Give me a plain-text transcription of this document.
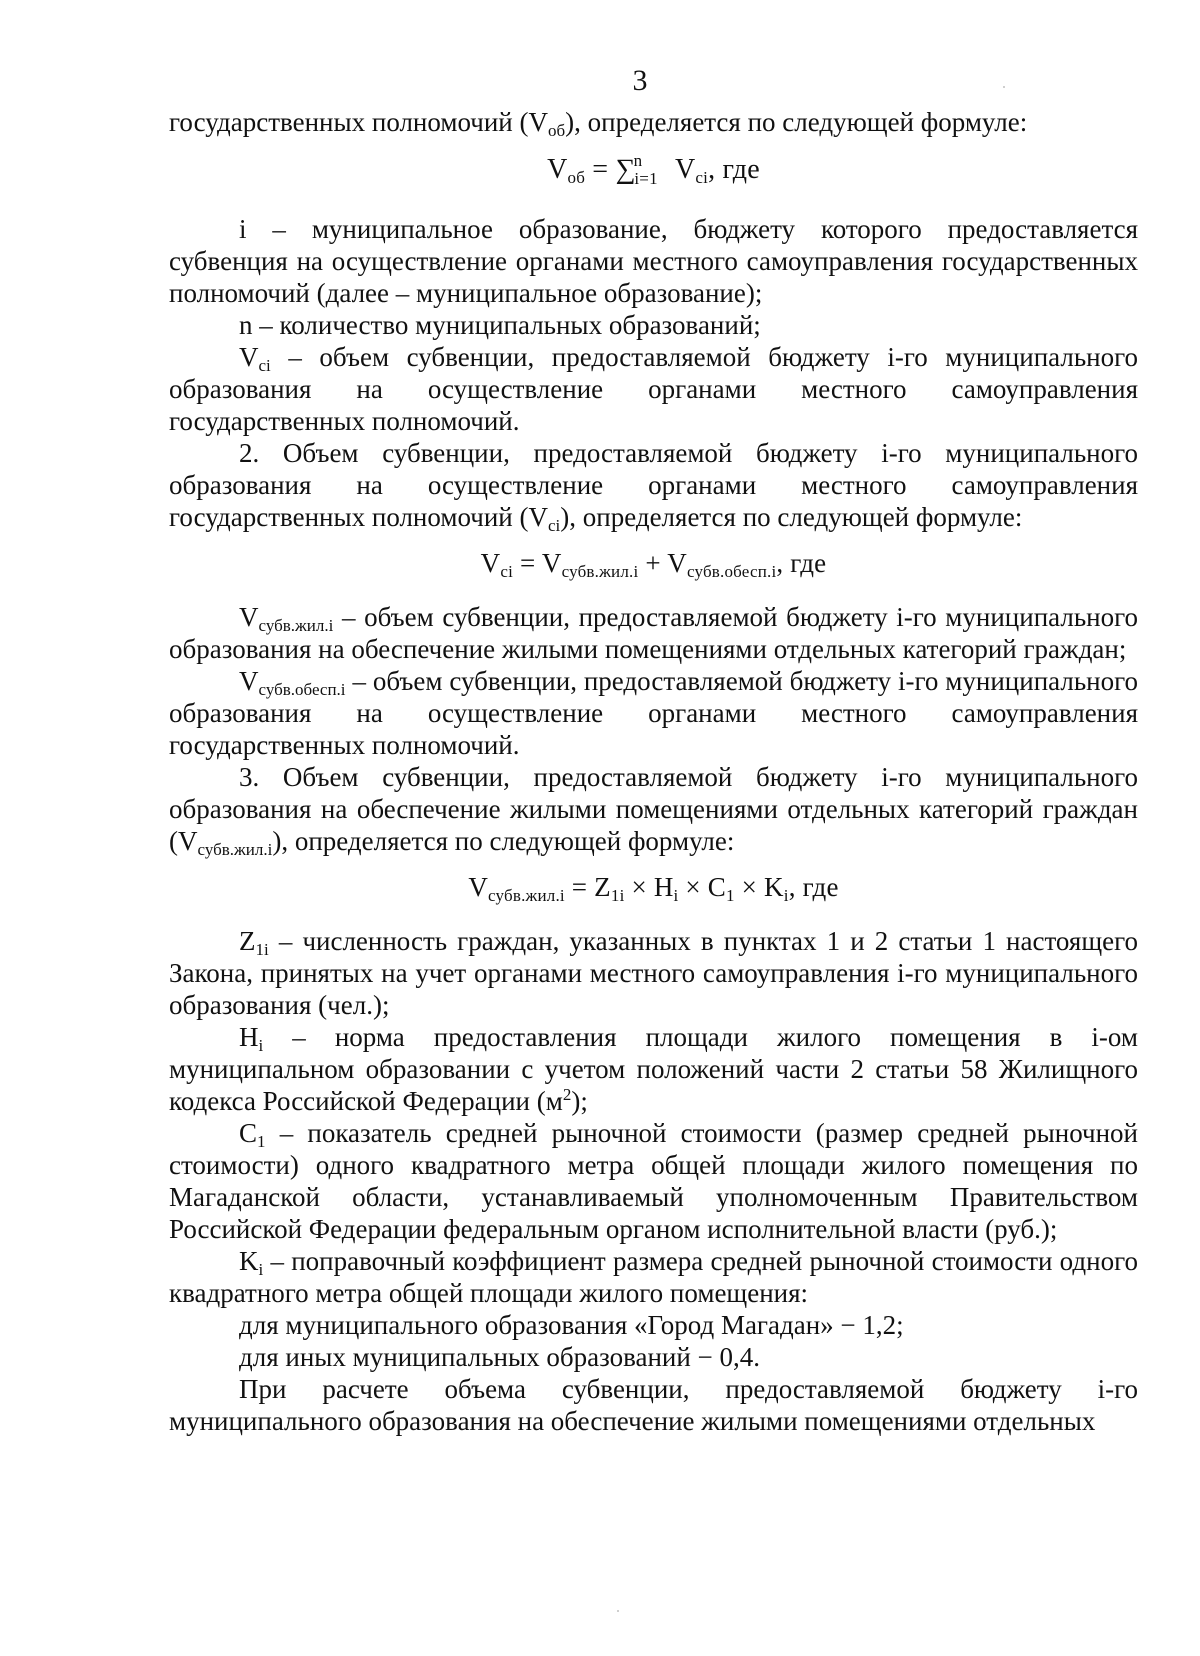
3

государственных полномочий $(V_{об})$, определяется по следующей формуле:

$V_{об} = \sum^n_{i=1}$ $V_{ci}$, где

i – муниципальное образование, бюджету которого предоставляется субвенция на осуществление органами местного самоуправления государственных полномочий (далее – муниципальное образование);

n – количество муниципальных образований;

$V_{ci}$ – объем субвенции, предоставляемой бюджету i-го муниципального образования на осуществление органами местного самоуправления государственных полномочий.

2. Объем субвенции, предоставляемой бюджету i-го муниципального образования на осуществление органами местного самоуправления государственных полномочий $(V_{ci})$, определяется по следующей формуле:

$V_{ci} = V_{субв.жил.i} + V_{субв.обесп.i}$, где

$V_{субв.жил.i}$ – объем субвенции, предоставляемой бюджету i-го муниципального образования на обеспечение жилыми помещениями отдельных категорий граждан;

$V_{субв.обесп.i}$ – объем субвенции, предоставляемой бюджету i-го муниципального образования на осуществление органами местного самоуправления государственных полномочий.

3. Объем субвенции, предоставляемой бюджету i-го муниципального образования на обеспечение жилыми помещениями отдельных категорий граждан $(V_{субв.жил.i})$, определяется по следующей формуле:

$V_{субв.жил.i} = Z_{1i} \times H_i \times C_1 \times K_i$, где

$Z_{1i}$ – численность граждан, указанных в пунктах 1 и 2 статьи 1 настоящего Закона, принятых на учет органами местного самоуправления i-го муниципального образования (чел.);

$H_i$ – норма предоставления площади жилого помещения в i-ом муниципальном образовании с учетом положений части 2 статьи 58 Жилищного кодекса Российской Федерации $(м^2)$;

$C_1$ – показатель средней рыночной стоимости (размер средней рыночной стоимости) одного квадратного метра общей площади жилого помещения по Магаданской области, устанавливаемый уполномоченным Правительством Российской Федерации федеральным органом исполнительной власти (руб.);

$K_i$ – поправочный коэффициент размера средней рыночной стоимости одного квадратного метра общей площади жилого помещения:

для муниципального образования «Город Магадан» − 1,2;

для иных муниципальных образований − 0,4.

При расчете объема субвенции, предоставляемой бюджету i-го муниципального образования на обеспечение жилыми помещениями отдельных
